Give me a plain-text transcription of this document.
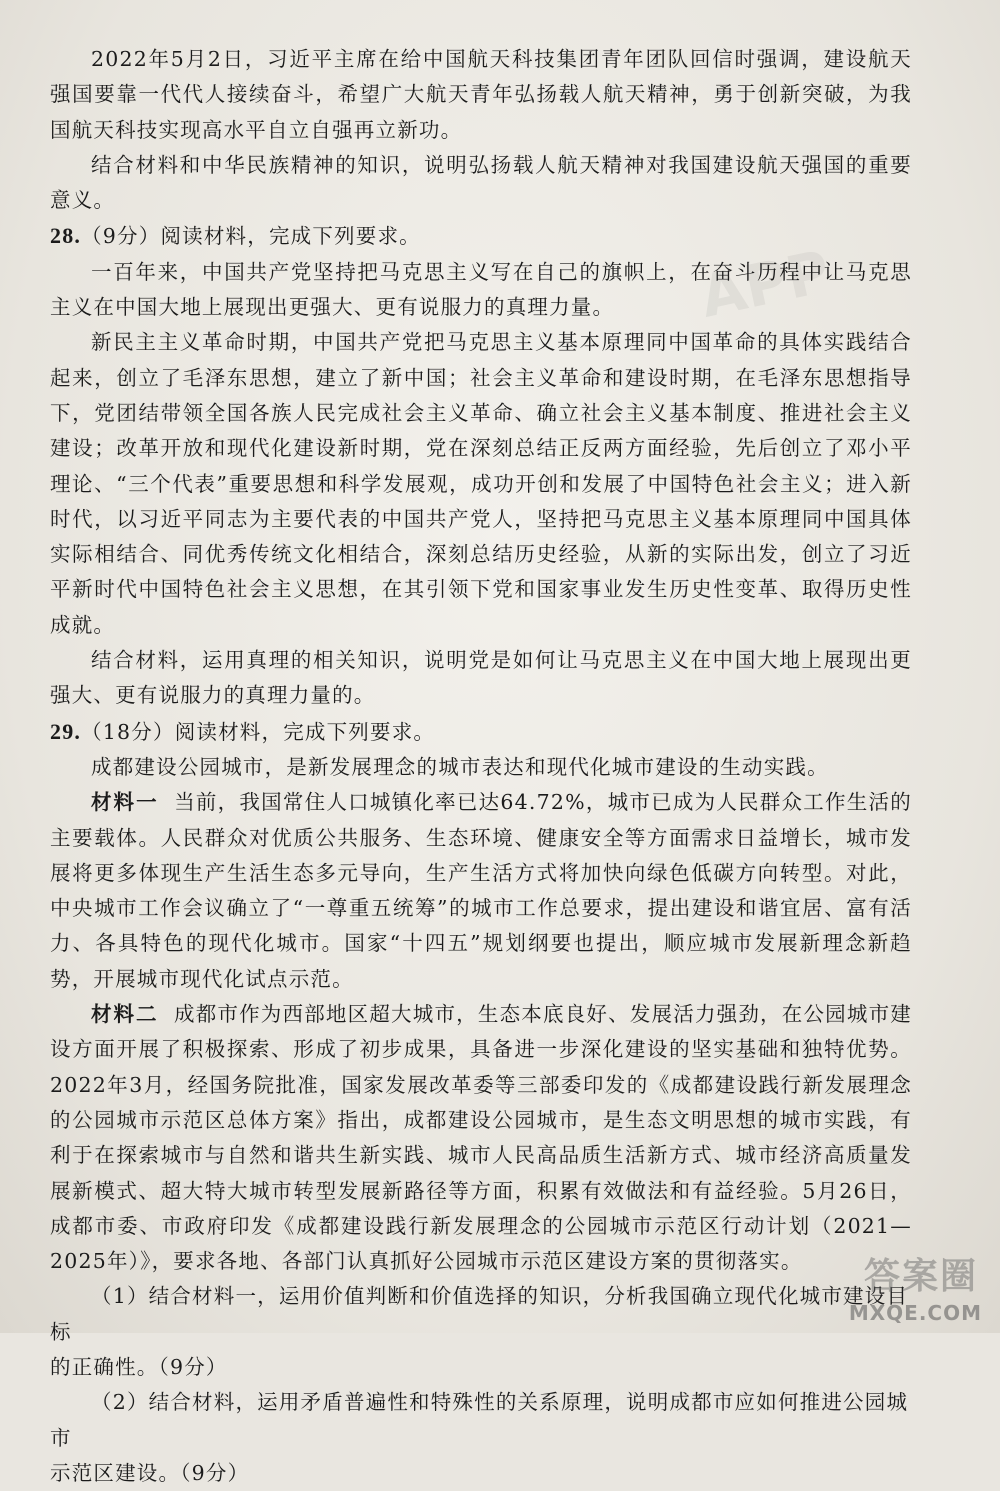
APP

2022年5月2日，习近平主席在给中国航天科技集团青年团队回信时强调，建设航天强国要靠一代代人接续奋斗，希望广大航天青年弘扬载人航天精神，勇于创新突破，为我国航天科技实现高水平自立自强再立新功。

结合材料和中华民族精神的知识，说明弘扬载人航天精神对我国建设航天强国的重要意义。

28.（9分）阅读材料，完成下列要求。

一百年来，中国共产党坚持把马克思主义写在自己的旗帜上，在奋斗历程中让马克思主义在中国大地上展现出更强大、更有说服力的真理力量。

新民主主义革命时期，中国共产党把马克思主义基本原理同中国革命的具体实践结合起来，创立了毛泽东思想，建立了新中国；社会主义革命和建设时期，在毛泽东思想指导下，党团结带领全国各族人民完成社会主义革命、确立社会主义基本制度、推进社会主义建设；改革开放和现代化建设新时期，党在深刻总结正反两方面经验，先后创立了邓小平理论、“三个代表”重要思想和科学发展观，成功开创和发展了中国特色社会主义；进入新时代，以习近平同志为主要代表的中国共产党人，坚持把马克思主义基本原理同中国具体实际相结合、同优秀传统文化相结合，深刻总结历史经验，从新的实际出发，创立了习近平新时代中国特色社会主义思想，在其引领下党和国家事业发生历史性变革、取得历史性成就。

结合材料，运用真理的相关知识，说明党是如何让马克思主义在中国大地上展现出更强大、更有说服力的真理力量的。

29.（18分）阅读材料，完成下列要求。

成都建设公园城市，是新发展理念的城市表达和现代化城市建设的生动实践。

材料一 当前，我国常住人口城镇化率已达64.72%，城市已成为人民群众工作生活的主要载体。人民群众对优质公共服务、生态环境、健康安全等方面需求日益增长，城市发展将更多体现生产生活生态多元导向，生产生活方式将加快向绿色低碳方向转型。对此，中央城市工作会议确立了“一尊重五统筹”的城市工作总要求，提出建设和谐宜居、富有活力、各具特色的现代化城市。国家“十四五”规划纲要也提出，顺应城市发展新理念新趋势，开展城市现代化试点示范。

材料二 成都市作为西部地区超大城市，生态本底良好、发展活力强劲，在公园城市建设方面开展了积极探索、形成了初步成果，具备进一步深化建设的坚实基础和独特优势。2022年3月，经国务院批准，国家发展改革委等三部委印发的《成都建设践行新发展理念的公园城市示范区总体方案》指出，成都建设公园城市，是生态文明思想的城市实践，有利于在探索城市与自然和谐共生新实践、城市人民高品质生活新方式、城市经济高质量发展新模式、超大特大城市转型发展新路径等方面，积累有效做法和有益经验。5月26日，成都市委、市政府印发《成都建设践行新发展理念的公园城市示范区行动计划（2021—2025年）》，要求各地、各部门认真抓好公园城市示范区建设方案的贯彻落实。

（1）结合材料一，运用价值判断和价值选择的知识，分析我国确立现代化城市建设目标

的正确性。（9分）

（2）结合材料，运用矛盾普遍性和特殊性的关系原理，说明成都市应如何推进公园城市

示范区建设。（9分）

答案圈
MXQE.COM
